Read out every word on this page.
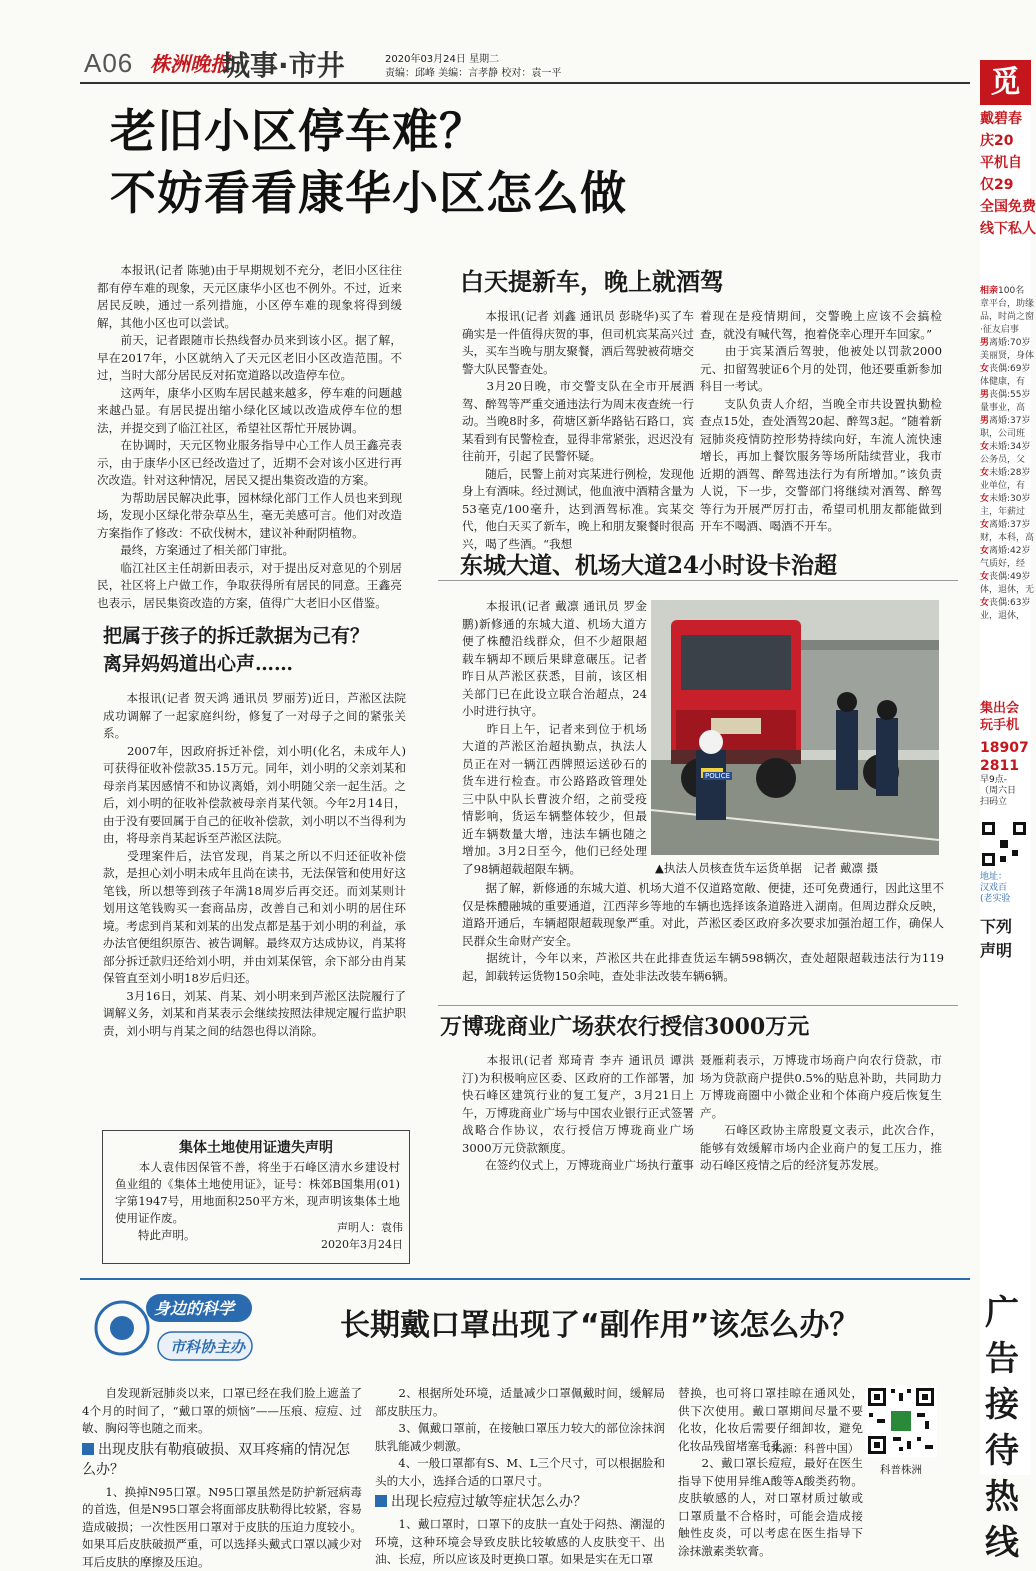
A06 株洲晚报
城事·市井	2020年03月24日 星期二
责编：邱峰 美编：言孝静 校对：袁一平
老旧小区停车难？
不妨看看康华小区怎么做

　　本报讯(记者 陈驰)由于早期规划不充分，老旧小区往往都有停车难的现象，天元区康华小区也不例外。不过，近来居民反映，通过一系列措施，小区停车难的现象将得到缓解，其他小区也可以尝试。
　　前天，记者跟随市长热线督办员来到该小区。据了解，早在2017年，小区就纳入了天元区老旧小区改造范围。不过，当时大部分居民反对拓宽道路以改造停车位。
　　这两年，康华小区购车居民越来越多，停车难的问题越来越凸显。有居民提出缩小绿化区域以改造成停车位的想法，并提交到了临江社区，希望社区帮忙开展协调。
　　在协调时，天元区物业服务指导中心工作人员王鑫亮表示，由于康华小区已经改造过了，近期不会对该小区进行再次改造。针对这种情况，居民又提出集资改造的方案。
　　为帮助居民解决此事，园林绿化部门工作人员也来到现场，发现小区绿化带杂草丛生，毫无美感可言。他们对改造方案指作了修改：不砍伐树木，建议补种耐阴植物。
　　最终，方案通过了相关部门审批。
　　临江社区主任胡新田表示，对于提出反对意见的个别居民，社区将上户做工作，争取获得所有居民的同意。王鑫亮也表示，居民集资改造的方案，值得广大老旧小区借鉴。

白天提新车，晚上就酒驾

　　本报讯(记者 刘鑫 通讯员 彭晓华)买了车确实是一件值得庆贺的事，但司机宾某高兴过头，买车当晚与朋友聚餐，酒后驾驶被荷塘交警大队民警查处。
　　3月20日晚，市交警支队在全市开展酒驾、醉驾等严重交通违法行为周末夜查统一行动。当晚8时多，荷塘区新华路钻石路口，宾某看到有民警检查，显得非常紧张，迟迟没有往前开，引起了民警怀疑。
　　随后，民警上前对宾某进行例检，发现他身上有酒味。经过测试，他血液中酒精含量为53毫克/100毫升，达到酒驾标准。宾某交代，他白天买了新车，晚上和朋友聚餐时很高兴，喝了些酒。“我想

着现在是疫情期间，交警晚上应该不会搞检查，就没有喊代驾，抱着侥幸心理开车回家。”
　　由于宾某酒后驾驶，他被处以罚款2000元、扣留驾驶证6个月的处罚，他还要重新参加科目一考试。
　　支队负责人介绍，当晚全市共设置执勤检查点15处，查处酒驾20起、醉驾3起。“随着新冠肺炎疫情防控形势持续向好，车流人流快速增长，再加上餐饮服务等场所陆续营业，我市近期的酒驾、醉驾违法行为有所增加。”该负责人说，下一步，交警部门将继续对酒驾、醉驾等行为开展严厉打击，希望司机朋友都能做到开车不喝酒、喝酒不开车。

东城大道、机场大道24小时设卡治超

　　本报讯(记者 戴凛 通讯员 罗金鹏)新修通的东城大道、机场大道方便了株醴沿线群众，但不少超限超载车辆却不顾后果肆意碾压。记者昨日从芦淞区获悉，目前，该区相关部门已在此设立联合治超点，24小时进行执守。
　　昨日上午，记者来到位于机场大道的芦淞区治超执勤点，执法人员正在对一辆江西牌照运送砂石的货车进行检查。市公路路政管理处三中队中队长曹波介绍，之前受疫情影响，货运车辆整体较少，但最近车辆数量大增，违法车辆也随之增加。3月2日至今，他们已经处理了98辆超载超限车辆。

POLICE
▲执法人员核查货车运货单据　记者 戴凛 摄

　　据了解，新修通的东城大道、机场大道不仅道路宽敞、便捷，还可免费通行，因此这里不仅是株醴融城的重要通道，江西萍乡等地的车辆也选择该条道路进入湖南。但周边群众反映，道路开通后，车辆超限超载现象严重。对此，芦淞区委区政府多次要求加强治超工作，确保人民群众生命财产安全。
　　据统计，今年以来，芦淞区共在此排查货运车辆598辆次，查处超限超载违法行为119起，卸载转运货物150余吨，查处非法改装车辆6辆。

万博珑商业广场获农行授信3000万元

　　本报讯(记者 郑琦青 李卉 通讯员 谭洪汀)为积极响应区委、区政府的工作部署，加快石峰区建筑行业的复工复产，3月21日上午，万博珑商业广场与中国农业银行正式签署战略合作协议，农行授信万博珑商业广场3000万元贷款额度。
　　在签约仪式上，万博珑商业广场执行董事

聂雁莉表示，万博珑市场商户向农行贷款，市场为贷款商户提供0.5%的贴息补助，共同助力万博珑商圈中小微企业和个体商户疫后恢复生产。
　　石峰区政协主席殷夏文表示，此次合作，能够有效缓解市场内企业商户的复工压力，推动石峰区疫情之后的经济复苏发展。

把属于孩子的拆迁款据为己有？
离异妈妈道出心声……

　　本报讯(记者 贺天鸿 通讯员 罗丽芳)近日，芦淞区法院成功调解了一起家庭纠纷，修复了一对母子之间的紧张关系。
　　2007年，因政府拆迁补偿，刘小明(化名，未成年人)可获得征收补偿款35.15万元。同年，刘小明的父亲刘某和母亲肖某因感情不和协议离婚，刘小明随父亲一起生活。之后，刘小明的征收补偿款被母亲肖某代领。今年2月14日，由于没有要回属于自己的征收补偿款，刘小明以不当得利为由，将母亲肖某起诉至芦淞区法院。
　　受理案件后，法官发现，肖某之所以不归还征收补偿款，是担心刘小明未成年且尚在读书，无法保管和使用好这笔钱，所以想等到孩子年满18周岁后再交还。而刘某则计划用这笔钱购买一套商品房，改善自己和刘小明的居住环境。考虑到肖某和刘某的出发点都是基于刘小明的利益，承办法官便组织原告、被告调解。最终双方达成协议，肖某将部分拆迁款归还给刘小明，并由刘某保管，余下部分由肖某保管直至刘小明18岁后归还。
　　3月16日，刘某、肖某、刘小明来到芦淞区法院履行了调解义务，刘某和肖某表示会继续按照法律规定履行监护职责，刘小明与肖某之间的结怨也得以消除。

集体土地使用证遗失声明

　　本人袁伟因保管不善，将坐于石峰区清水乡建设村鱼业组的《集体土地使用证》，证号：株郊B国集用(01)字第1947号，用地面积250平方米，现声明该集体土地使用证作废。
　　特此声明。

声明人：袁伟
2020年3月24日
身边的科学
市科协主办
长期戴口罩出现了“副作用”该怎么办？

　　自发现新冠肺炎以来，口罩已经在我们脸上遮盖了4个月的时间了，“戴口罩的烦恼”——压痕、痘痘、过敏、胸闷等也随之而来。

出现皮肤有勒痕破损、双耳疼痛的情况怎么办？

　　1、换掉N95口罩。N95口罩虽然是防护新冠病毒的首选，但是N95口罩会将面部皮肤勒得比较紧，容易造成破损；一次性医用口罩对于皮肤的压迫力度较小。如果耳后皮肤破损严重，可以选择头戴式口罩以减少对耳后皮肤的摩擦及压迫。

　　2、根据所处环境，适量减少口罩佩戴时间，缓解局部皮肤压力。
　　3、佩戴口罩前，在接触口罩压力较大的部位涂抹润肤乳能减少刺激。
　　4、一般口罩都有S、M、L三个尺寸，可以根据脸和头的大小，选择合适的口罩尺寸。

出现长痘痘过敏等症状怎么办？

　　1、戴口罩时，口罩下的皮肤一直处于闷热、潮湿的环境，这种环境会导致皮肤比较敏感的人皮肤变干、出油、长痘，所以应该及时更换口罩。如果是实在无口罩

替换，也可将口罩挂晾在通风处，供下次使用。戴口罩期间尽量不要化妆，化妆后需要仔细卸妆，避免化妆品残留堵塞毛孔。
　　2、戴口罩长痘痘，最好在医生指导下使用异维A酸等A酸类药物。皮肤敏感的人，对口罩材质过敏或口罩质量不合格时，可能会造成接触性皮炎，可以考虑在医生指导下涂抹激素类软膏。

（来源：科普中国）
科普株洲
觅
戴碧春
庆20
平机自
仅29
全国免费
线下私人
相亲100名
章平台，助缘
品，时尚之窗
·征友启事
男离婚:70岁
美丽贤，身体
女丧偶:69岁
体健康，有
男丧偶:55岁
量事业，高
男离婚:37岁
职，公司班
女未婚:34岁
公务员，父
女未婚:28岁
业单位，有
女未婚:30岁
主，年薪过
女离婚:37岁
财，本科，高
女离婚:42岁
气质好，经
女丧偶:49岁
体，退休，无
女丧偶:63岁
业，退休，
集出会
玩手机
18907
2811
早9点-
（周六日
扫码立
地址：
汉戏百
(老实验
下列
声明
广
告
接
待
热
线
